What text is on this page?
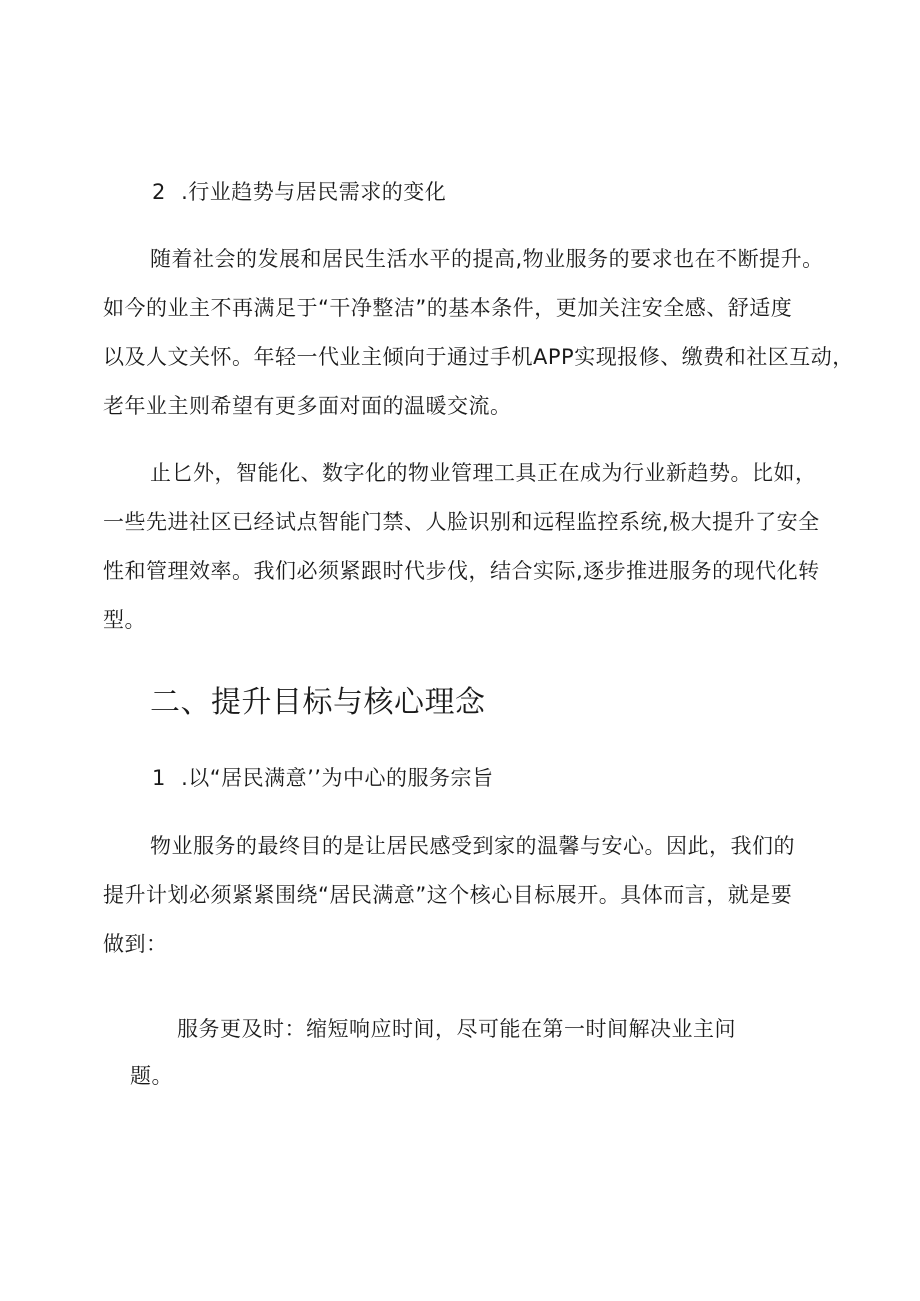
2 .行业趋势与居民需求的变化
随着社会的发展和居民生活水平的提高,物业服务的要求也在不断提升。
如今的业主不再满足于“干净整洁”的基本条件，更加关注安全感、舒适度
以及人文关怀。年轻一代业主倾向于通过手机APP实现报修、缴费和社区互动，
老年业主则希望有更多面对面的温暖交流。
止匕外，智能化、数字化的物业管理工具正在成为行业新趋势。比如，
一些先进社区已经试点智能门禁、人脸识别和远程监控系统,极大提升了安全
性和管理效率。我们必须紧跟时代步伐，结合实际,逐步推进服务的现代化转
型。
二、提升目标与核心理念
1 .以“居民满意’’为中心的服务宗旨
物业服务的最终目的是让居民感受到家的温馨与安心。因此，我们的
提升计划必须紧紧围绕“居民满意”这个核心目标展开。具体而言，就是要
做到：
服务更及时：缩短响应时间，尽可能在第一时间解决业主问
题。
